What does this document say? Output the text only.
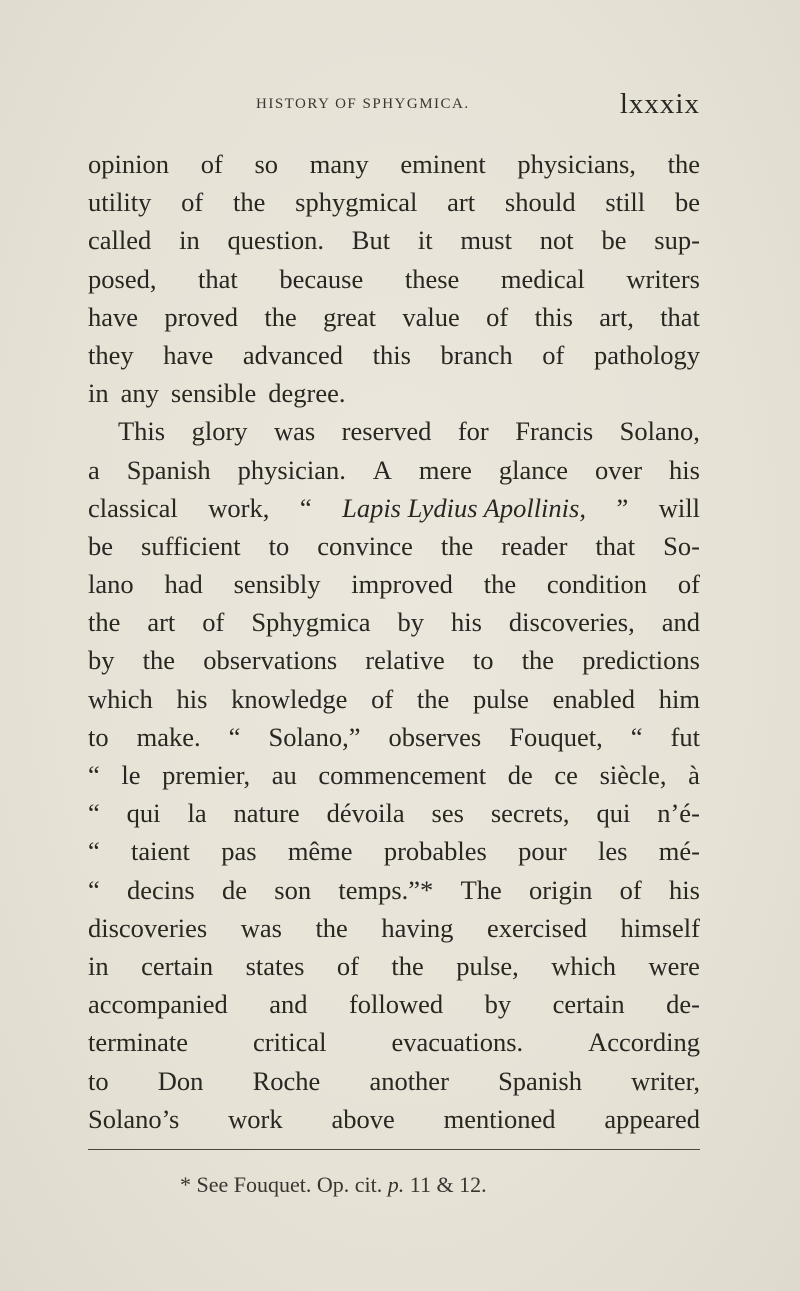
HISTORY OF SPHYGMICA.	lxxxix
opinion of so many eminent physicians, the
utility of the sphygmical art should still be
called in question. But it must not be sup-
posed, that because these medical writers
have proved the great value of this art, that
they have advanced this branch of pathology
in any sensible degree.
This glory was reserved for Francis Solano,
a Spanish physician. A mere glance over his
classical work, “ Lapis Lydius Apollinis, ” will
be sufficient to convince the reader that So-
lano had sensibly improved the condition of
the art of Sphygmica by his discoveries, and
by the observations relative to the predictions
which his knowledge of the pulse enabled him
to make. “ Solano,” observes Fouquet, “ fut
“ le premier, au commencement de ce siècle, à
“ qui la nature dévoila ses secrets, qui n’é-
“ taient pas même probables pour les mé-
“ decins de son temps.”* The origin of his
discoveries was the having exercised himself
in certain states of the pulse, which were
accompanied and followed by certain de-
terminate critical evacuations. According
to Don Roche another Spanish writer,
Solano’s work above mentioned appeared
* See Fouquet. Op. cit. p. 11 & 12.
